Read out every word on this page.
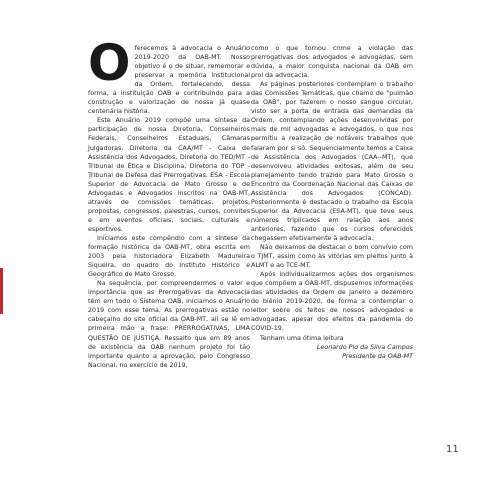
O ferecemos à advocacia o Anuário 2019-2020 da OAB-MT. Nosso objetivo é o de situar, rememorar e preservar a memória institucional da Ordem, fortalecendo, dessa forma, a instituição OAB e contribuindo para a construção e valorização de nossa já quase centenária história.

Este Anuário 2019 compõe uma síntese da participação de nossa Diretoria, Conselheiros Federais, Conselheiros Estaduais, Câmaras Julgadoras, Diretoria da CAA/MT - Caixa de Assistência dos Advogados, Diretoria do TED/MT - Tribunal de Ética e Disciplina, Diretoria do TOP - Tribunal de Defesa das Prerrogativas, ESA - Escola Superior de Advocacia de Mato Grosso e de Advogadas e Advogados inscritos na OAB-MT, através de comissões temáticas, projetos, propostas, congressos, palestras, cursos, convites e em eventos oficiais, sociais, culturais e esportivos.

Iniciamos este compêndio com a síntese da formação histórica da OAB-MT, obra escrita em 2003 pela historiadora Elizabeth Madureira Siqueira, do quadro do Instituto Histórico e Geográfico de Mato Grosso.

Na sequência, por compreendermos o valor e importância que as Prerrogativas da Advocacia têm em todo o Sistema OAB, iniciamos o Anuário 2019 com esse tema. As prerrogativas estão no cabeçalho do site oficial da OAB-MT, ali se lê em primeira mão a frase: PRERROGATIVAS, UMA QUESTÃO DE JUSTIÇA. Ressalto que em 89 anos de existência da OAB nenhum projeto foi tão importante quanto a aprovação, pelo Congresso Nacional, no exercício de 2019,

como o que tornou crime a violação das prerrogativas dos advogados e advogadas, sem dúvida, a maior conquista nacional da OAB em prol da advocacia.

As páginas posteriores contemplam o trabalho das Comissões Temáticas, que chamo de "pulmão da OAB", por fazerem o nosso sangue circular, visto ser a porta de entrada das demandas da Ordem, contemplando ações desenvolvidas por mais de mil advogadas e advogados, o que nos permitiu a realização de notáveis trabalhos que falaram por si só. Sequencialmente temos a Caixa de Assistência dos Advogados (CAA--MT), que desenvolveu atividades exitosas, além de seu planejamento tendo trazido para Mato Grosso o Encontro da Coordenação Nacional das Caixas de Assistência dos Advogados (CONCAD). Posteriormente é destacado o trabalho da Escola Superior da Advocacia (ESA-MT), que teve seus números triplicados em relação aos anos anteriores, fazendo que os cursos oferecidos chegassem efetivamente à advocacia.

Não deixamos de destacar o bom convívio com o TJMT, assim como às vitórias em pleitos junto à ALMT e ao TCE-MT.

Após individualizarmos ações dos organismos que compõem a OAB-MT, dispusemos informações das atividades da Ordem de janeiro a dezembro do biênio 2019-2020, de forma a contemplar o leitor sobre os feitos de nossos advogados e advogadas, apesar dos efeitos da pandemia do COVID-19.

Tenham uma ótima leitura

Leonardo Pio da Silva Campos

Presidente da OAB-MT

11
